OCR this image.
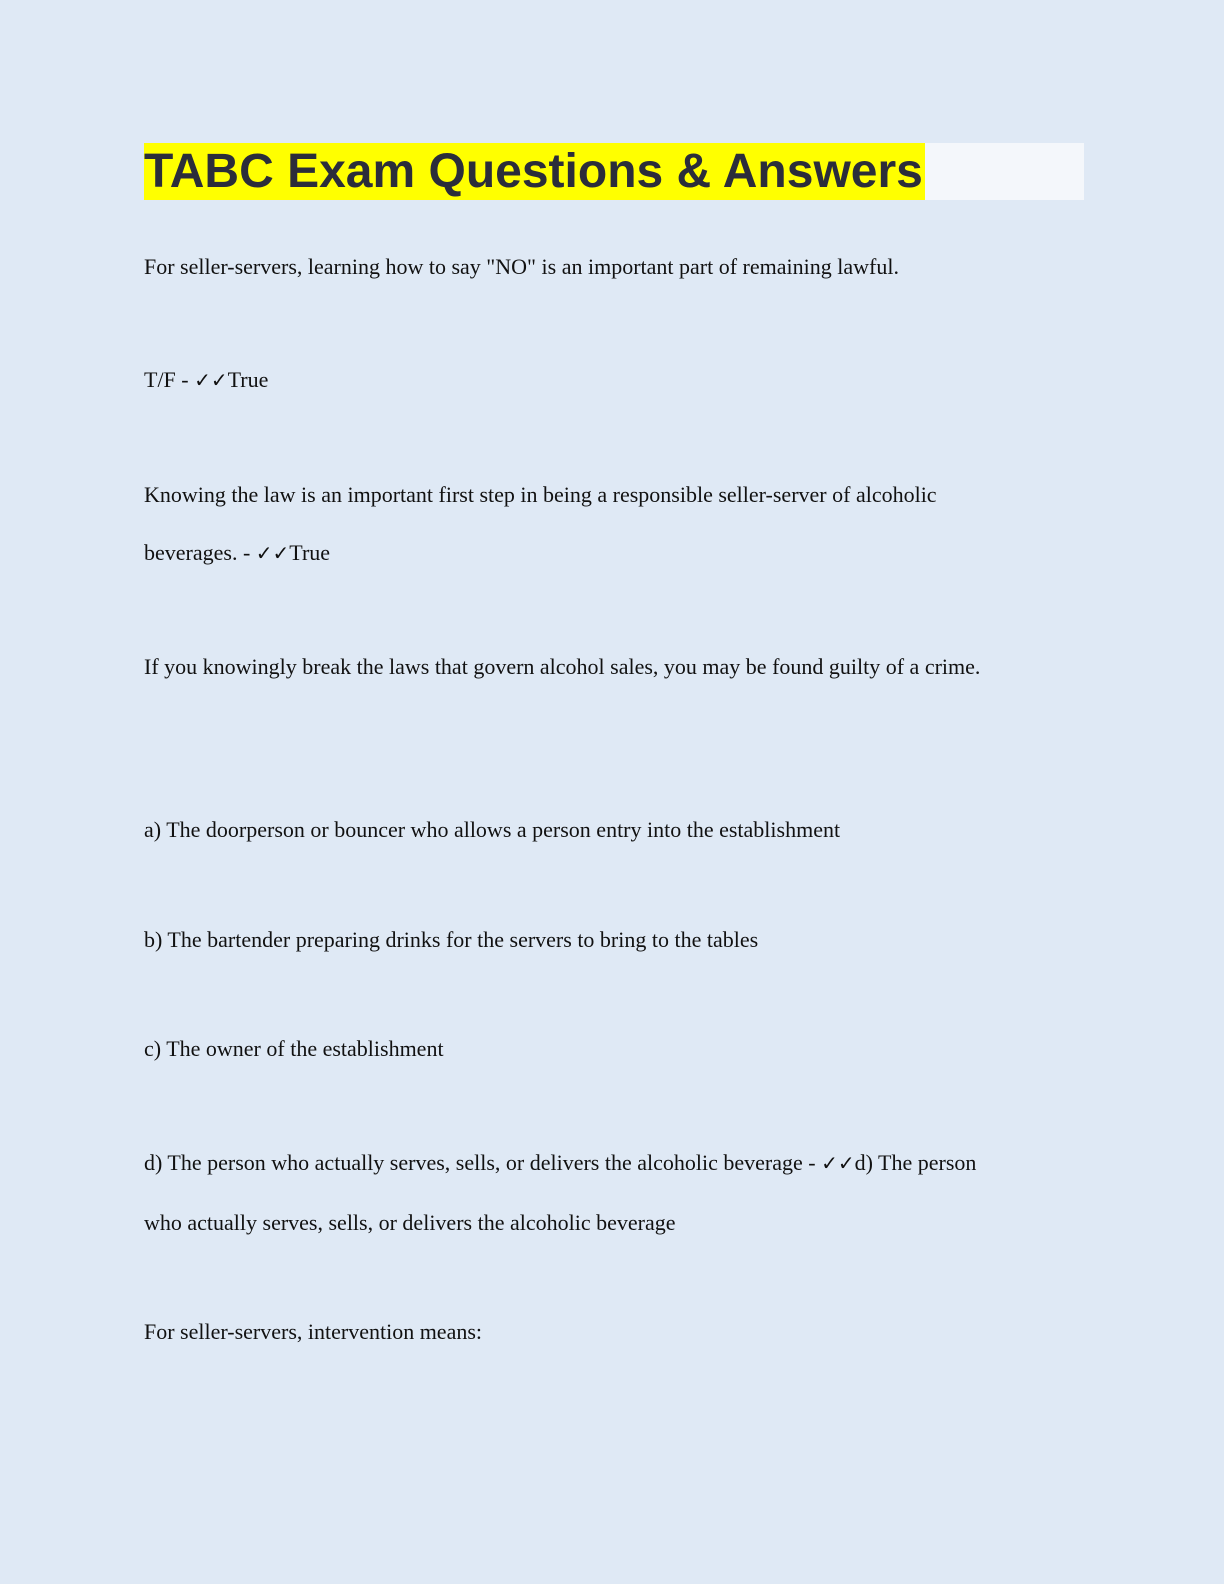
TABC Exam Questions & Answers
For seller-servers, learning how to say "NO" is an important part of remaining lawful.
T/F - ✓✓True
Knowing the law is an important first step in being a responsible seller-server of alcoholic
beverages. - ✓✓True
If you knowingly break the laws that govern alcohol sales, you may be found guilty of a crime.
a) The doorperson or bouncer who allows a person entry into the establishment
b) The bartender preparing drinks for the servers to bring to the tables
c) The owner of the establishment
d) The person who actually serves, sells, or delivers the alcoholic beverage - ✓✓d) The person
who actually serves, sells, or delivers the alcoholic beverage
For seller-servers, intervention means:
